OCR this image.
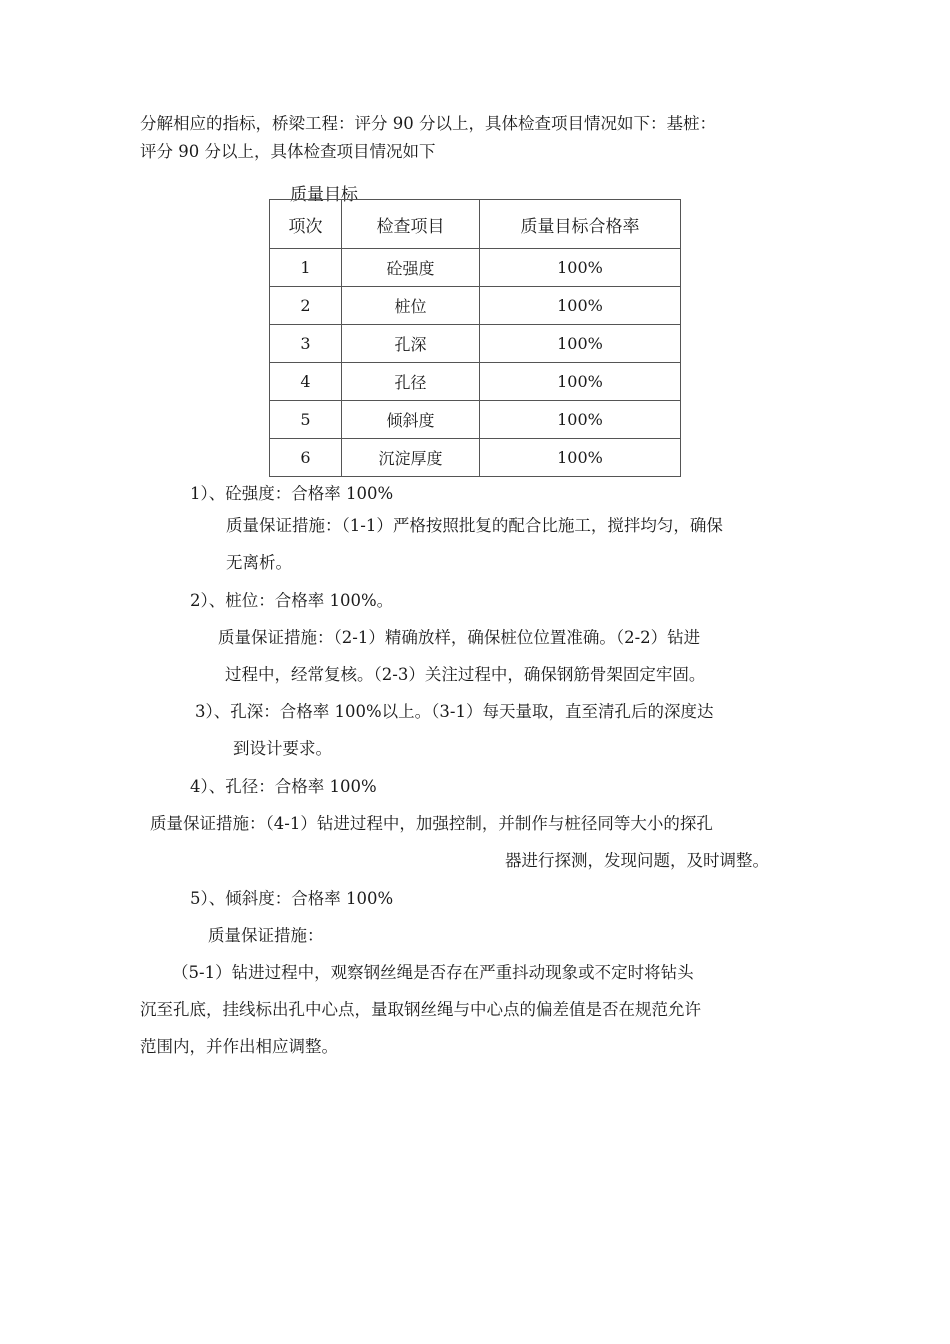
分解相应的指标，桥梁工程：评分 90 分以上，具体检查项目情况如下：基桩：
评分 90 分以上，具体检查项目情况如下
质量目标
项次	检查项目	质量目标合格率
1	砼强度	100%
2	桩位	100%
3	孔深	100%
4	孔径	100%
5	倾斜度	100%
6	沉淀厚度	100%
1）、砼强度：合格率 100%
质量保证措施：（1-1）严格按照批复的配合比施工，搅拌均匀，确保
无离析。
2）、桩位：合格率 100%。
质量保证措施：（2-1）精确放样，确保桩位位置准确。（2-2）钻进
过程中，经常复核。（2-3）关注过程中，确保钢筋骨架固定牢固。
3）、孔深：合格率 100%以上。（3-1）每天量取，直至清孔后的深度达
到设计要求。
4）、孔径：合格率 100%
质量保证措施：（4-1）钻进过程中，加强控制，并制作与桩径同等大小的探孔
器进行探测，发现问题，及时调整。
5）、倾斜度：合格率 100%
质量保证措施：
（5-1）钻进过程中，观察钢丝绳是否存在严重抖动现象或不定时将钻头
沉至孔底，挂线标出孔中心点，量取钢丝绳与中心点的偏差值是否在规范允许
范围内，并作出相应调整。
